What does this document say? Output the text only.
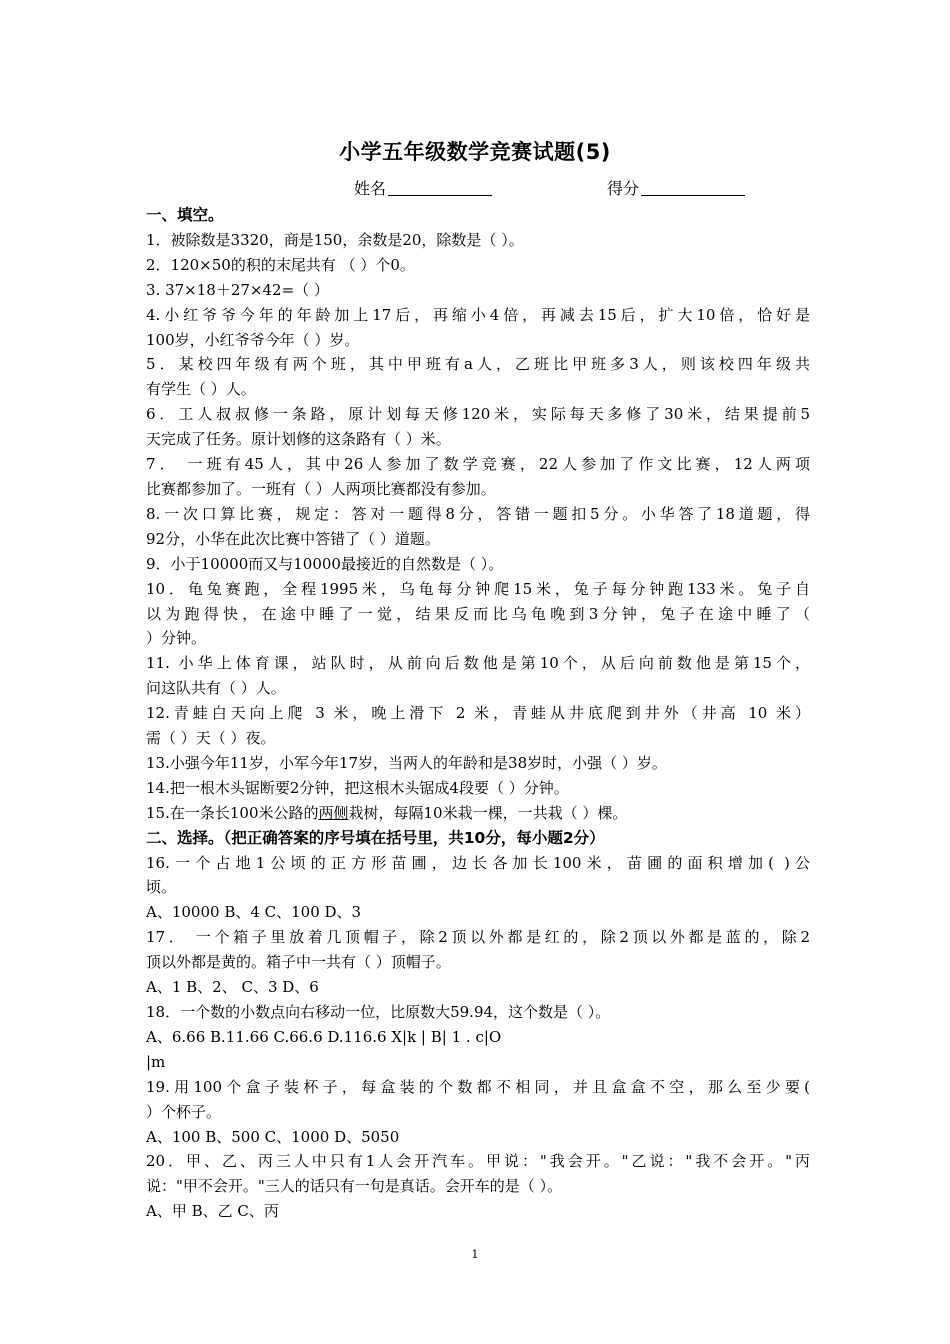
小学五年级数学竞赛试题(5)
姓名	得分
一、填空。
1．被除数是3320，商是150，余数是20，除数是（ ）。
2．120×50的积的末尾共有 （ ）个0。
3. 37×18＋27×42=（ ）
4.小红爷爷今年的年龄加上17后，再缩小4倍，再减去15后，扩大10倍，恰好是
100岁，小红爷爷今年（ ）岁。
5．某校四年级有两个班，其中甲班有a人，乙班比甲班多3人，则该校四年级共
有学生（ ）人。
6．工人叔叔修一条路，原计划每天修120米，实际每天多修了30米，结果提前5
天完成了任务。原计划修的这条路有（ ）米。
7． 一班有45人，其中26人参加了数学竞赛，22人参加了作文比赛，12人两项
比赛都参加了。一班有（ ）人两项比赛都没有参加。
8.一次口算比赛，规定：答对一题得8分，答错一题扣5分。小华答了18道题，得
92分，小华在此次比赛中答错了（ ）道题。
9．小于10000而又与10000最接近的自然数是（ ）。
10．龟兔赛跑，全程1995米，乌龟每分钟爬15米，兔子每分钟跑133米。兔子自
以为跑得快，在途中睡了一觉，结果反而比乌龟晚到3分钟，兔子在途中睡了（
）分钟。
11. 小华上体育课，站队时，从前向后数他是第10个，从后向前数他是第15个，
问这队共有（ ）人。
12.青蛙白天向上爬 3 米，晚上滑下 2 米，青蛙从井底爬到井外（井高 10 米）
需（ ）天（ ）夜。
13.小强今年11岁，小军今年17岁，当两人的年龄和是38岁时，小强（ ）岁。
14.把一根木头锯断要2分钟，把这根木头锯成4段要（ ）分钟。
15.在一条长100米公路的两侧栽树，每隔10米栽一棵，一共栽（ ）棵。
二、选择。（把正确答案的序号填在括号里，共10分，每小题2分）
16.一个占地1公顷的正方形苗圃，边长各加长100米，苗圃的面积增加( )公
顷。
A、10000 B、4 C、100 D、3
17． 一个箱子里放着几顶帽子，除2顶以外都是红的，除2顶以外都是蓝的，除2
顶以外都是黄的。箱子中一共有（ ）顶帽子。
A、1 B、2、 C、3 D、6
18．一个数的小数点向右移动一位，比原数大59.94，这个数是（ ）。
A、6.66 B.11.66 C.66.6 D.116.6 X|k | B| 1 . c|O
|m
19.用100个盒子装杯子，每盒装的个数都不相同，并且盒盒不空，那么至少要(
）个杯子。
A、100 B、500 C、1000 D、5050
20．甲、乙、丙三人中只有1人会开汽车。甲说："我会开。"乙说："我不会开。"丙
说："甲不会开。"三人的话只有一句是真话。会开车的是（ ）。
A、甲 B、乙 C、丙
1
